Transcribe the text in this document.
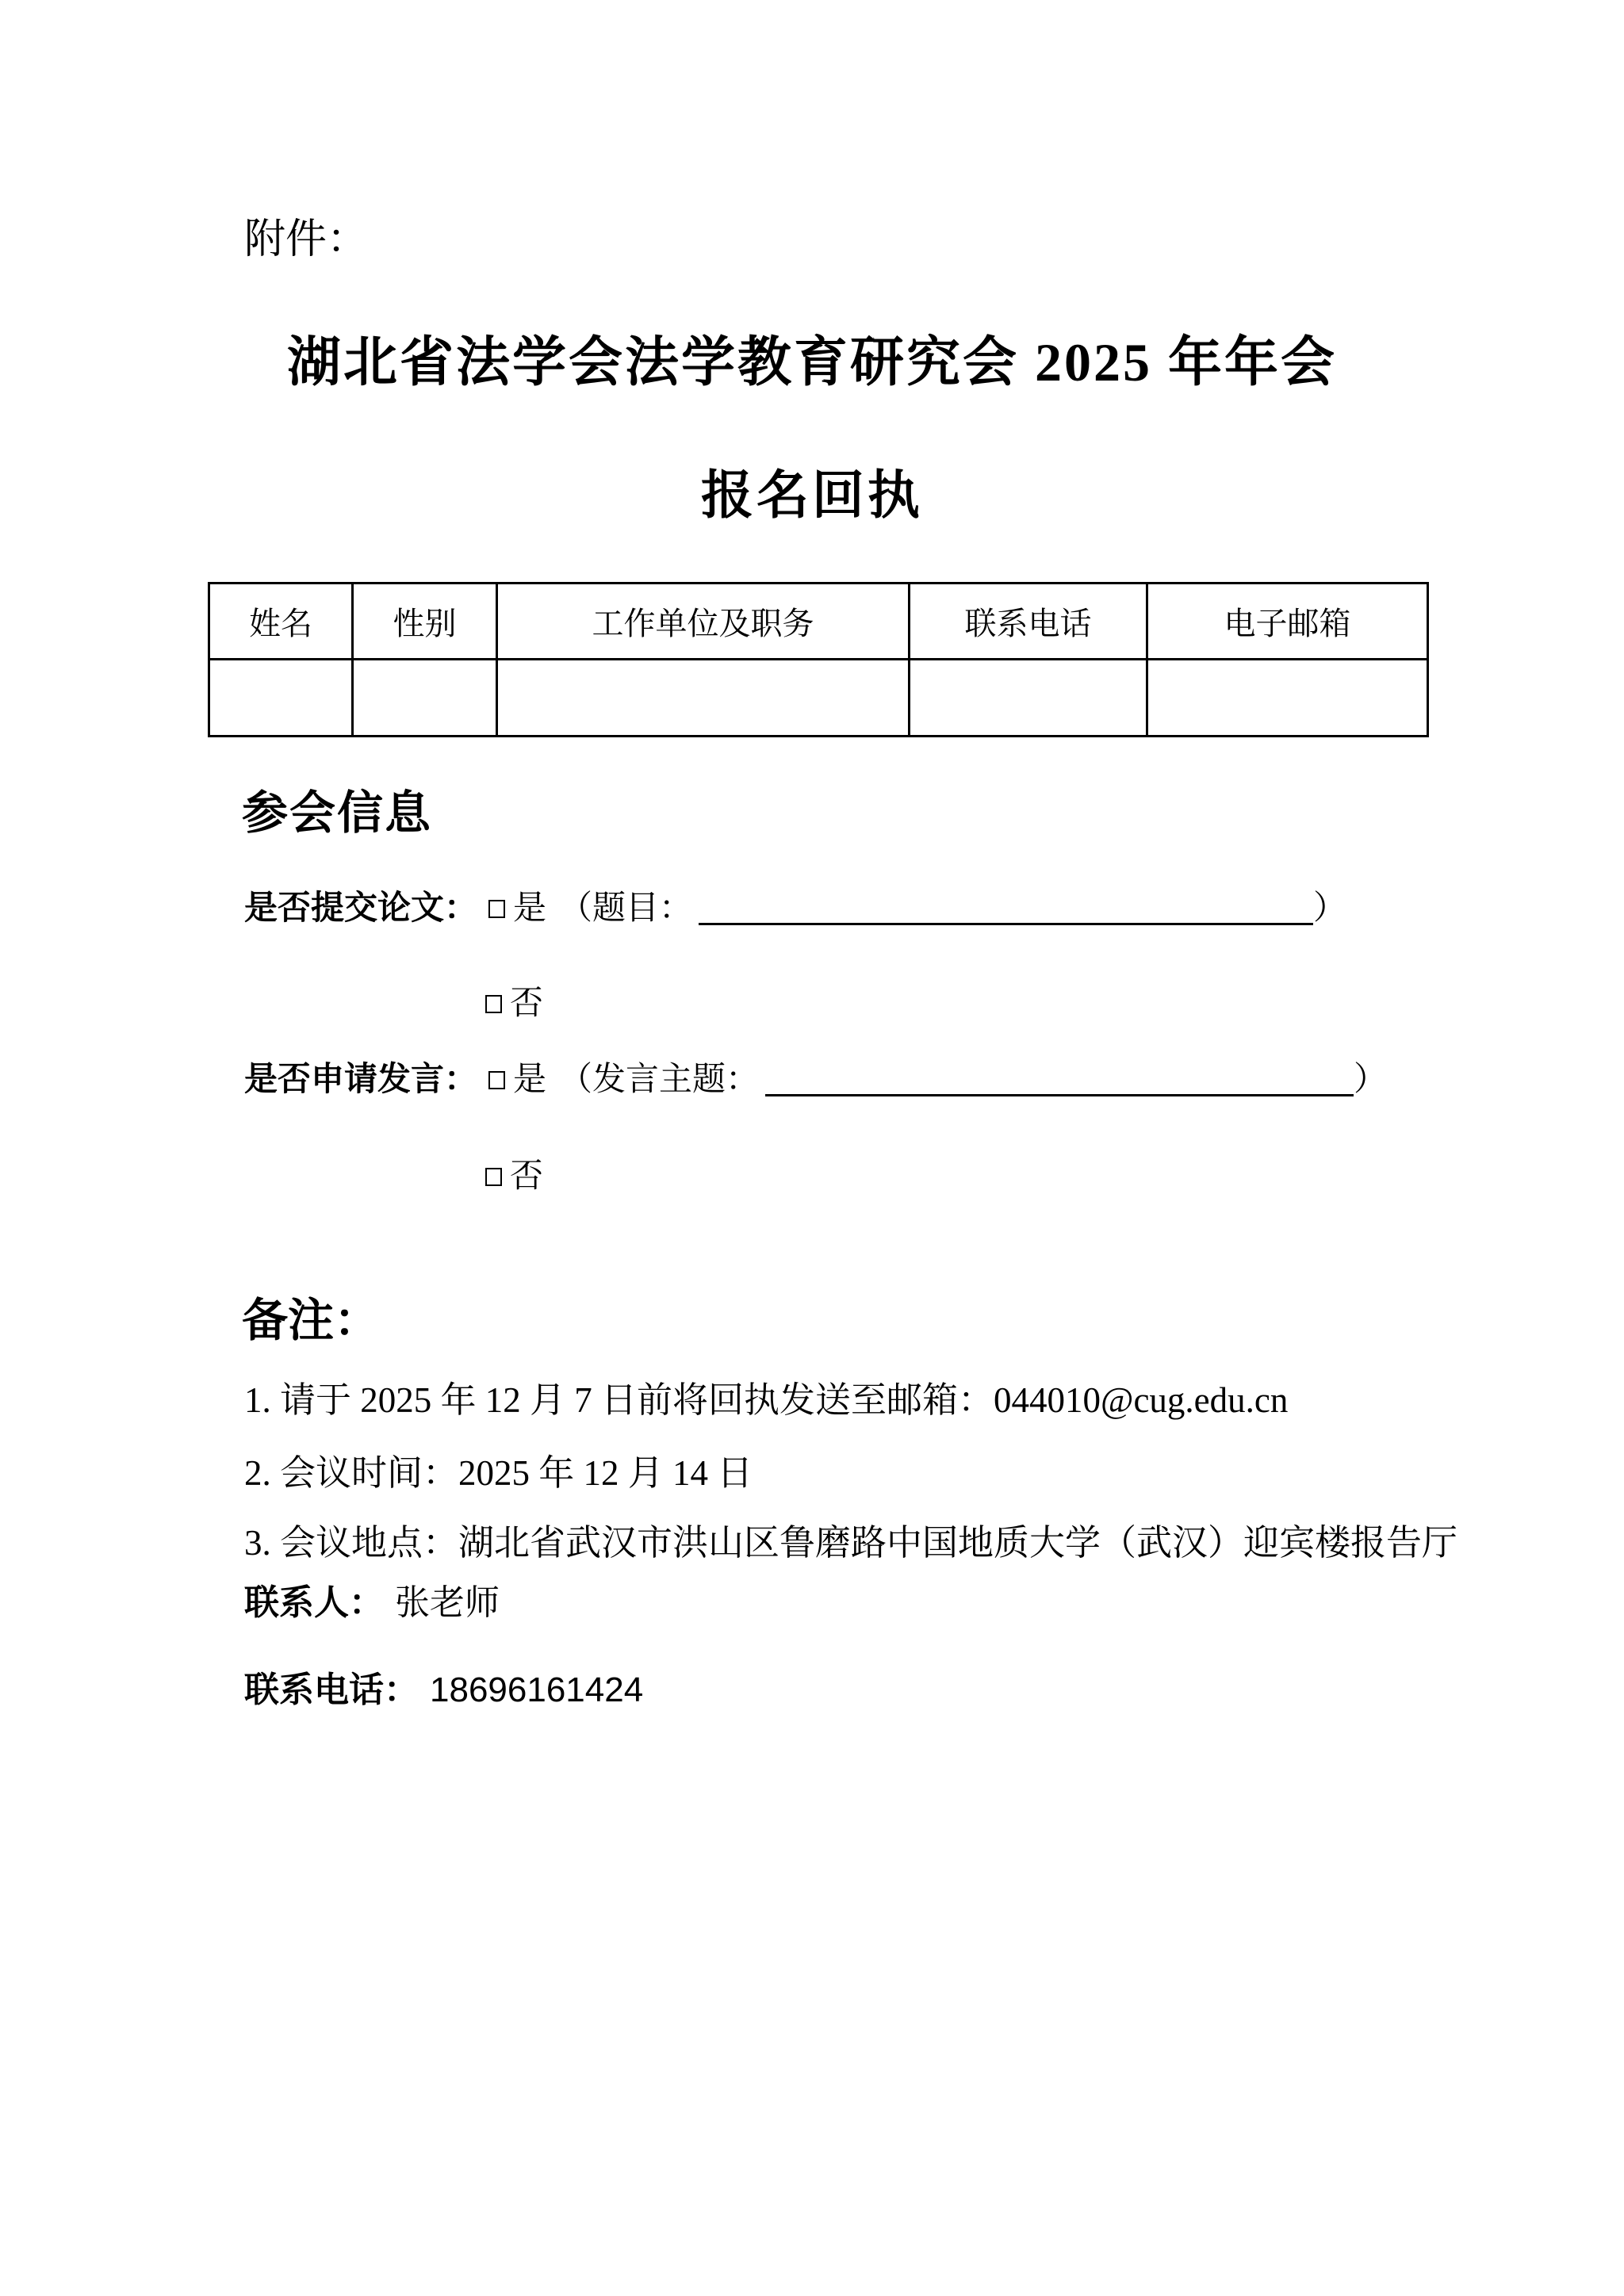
附件：
湖北省法学会法学教育研究会 2025 年年会
报名回执
姓名	性别	工作单位及职务	联系电话	电子邮箱

参会信息
是否提交论文： 是 （题目：	）
否
是否申请发言： 是 （发言主题：	）
否
备注：
1. 请于 2025 年 12 月 7 日前将回执发送至邮箱：044010@cug.edu.cn
2. 会议时间：2025 年 12 月 14 日
3. 会议地点：湖北省武汉市洪山区鲁磨路中国地质大学（武汉）迎宾楼报告厅
联系人： 张老师
联系电话： 18696161424
